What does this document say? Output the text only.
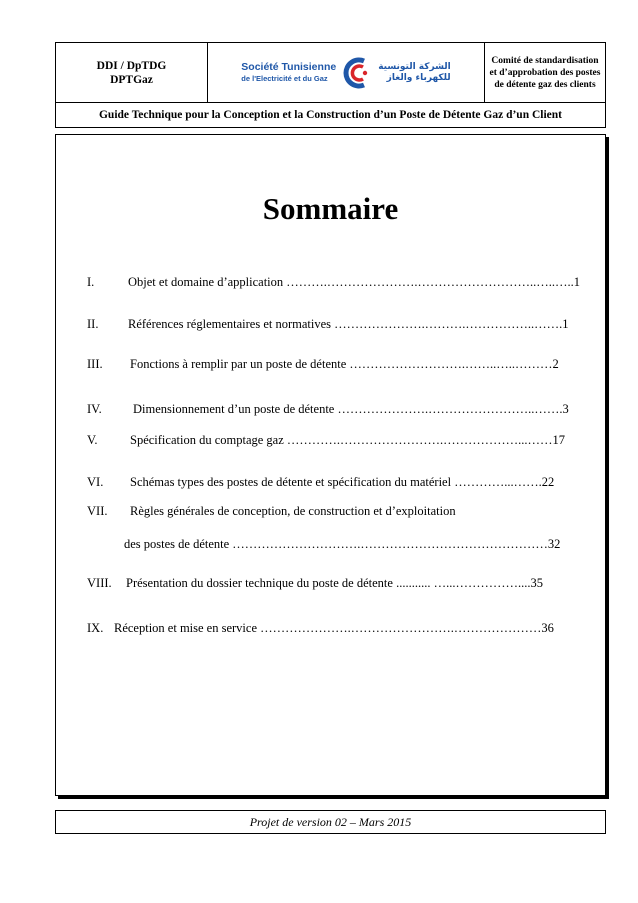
DDI / DpTDG
DPTGaz
Société Tunisienne
de l'Electricité et du Gaz
الشركة التونسية
للكهرباء والغاز
Comité de standardisation et d’approbation des postes de détente gaz des clients
Guide Technique pour la Conception et la Construction d’un Poste de Détente Gaz d’un Client
Sommaire
I.	Objet et domaine d’application ……….………………….………………………..…..…..1
II. Références réglementaires et normatives ………………….……….……………..…….1
III. Fonctions à remplir par un poste de détente ……………………….……..…..………2
IV.	Dimensionnement d’un poste de détente ………………….……………………..…….3
V.	Spécification du comptage gaz ………….…………………….………………...……17
VI. Schémas types des postes de détente et spécification du matériel …………...…….22
VII. Règles générales de conception, de construction et d’exploitation
des postes de détente ………………………….………………………………………32
VIII. Présentation du dossier technique du poste de détente ........... …...……………....35
IX. Réception et mise en service ………………….…………………….…………………36
Projet de version 02 – Mars 2015
